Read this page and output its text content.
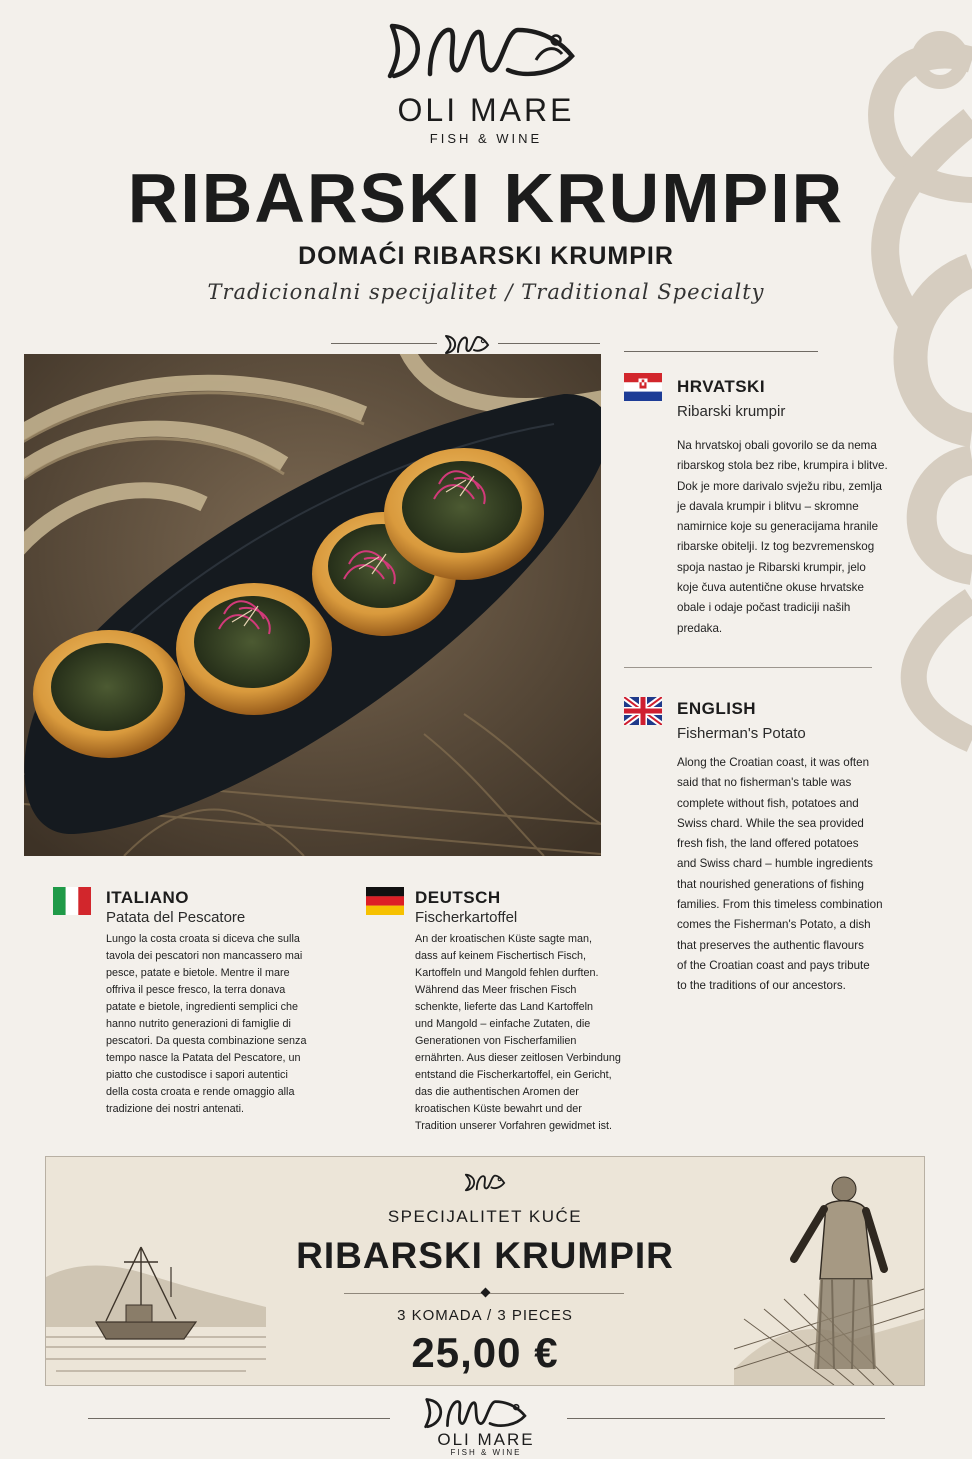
OLI MARE
FISH & WINE
RIBARSKI KRUMPIR
DOMAĆI RIBARSKI KRUMPIR
Tradicionalni specijalitet / Traditional Specialty
HRVATSKI
Ribarski krumpir
Na hrvatskoj obali govorilo se da nema
ribarskog stola bez ribe, krumpira i blitve.
Dok je more darivalo svježu ribu, zemlja
je davala krumpir i blitvu – skromne
namirnice koje su generacijama hranile
ribarske obitelji. Iz tog bezvremenskog
spoja nastao je Ribarski krumpir, jelo
koje čuva autentične okuse hrvatske
obale i odaje počast tradiciji naših
predaka.
ENGLISH
Fisherman's Potato
Along the Croatian coast, it was often
said that no fisherman's table was
complete without fish, potatoes and
Swiss chard. While the sea provided
fresh fish, the land offered potatoes
and Swiss chard – humble ingredients
that nourished generations of fishing
families. From this timeless combination
comes the Fisherman's Potato, a dish
that preserves the authentic flavours
of the Croatian coast and pays tribute
to the traditions of our ancestors.
ITALIANO
Patata del Pescatore
Lungo la costa croata si diceva che sulla
tavola dei pescatori non mancassero mai
pesce, patate e bietole. Mentre il mare
offriva il pesce fresco, la terra donava
patate e bietole, ingredienti semplici che
hanno nutrito generazioni di famiglie di
pescatori. Da questa combinazione senza
tempo nasce la Patata del Pescatore, un
piatto che custodisce i sapori autentici
della costa croata e rende omaggio alla
tradizione dei nostri antenati.
DEUTSCH
Fischerkartoffel
An der kroatischen Küste sagte man,
dass auf keinem Fischertisch Fisch,
Kartoffeln und Mangold fehlen durften.
Während das Meer frischen Fisch
schenkte, lieferte das Land Kartoffeln
und Mangold – einfache Zutaten, die
Generationen von Fischerfamilien
ernährten. Aus dieser zeitlosen Verbindung
entstand die Fischerkartoffel, ein Gericht,
das die authentischen Aromen der
kroatischen Küste bewahrt und der
Tradition unserer Vorfahren gewidmet ist.
SPECIJALITET KUĆE
RIBARSKI KRUMPIR
3 KOMADA / 3 PIECES
25,00 €
OLI MARE
FISH & WINE
